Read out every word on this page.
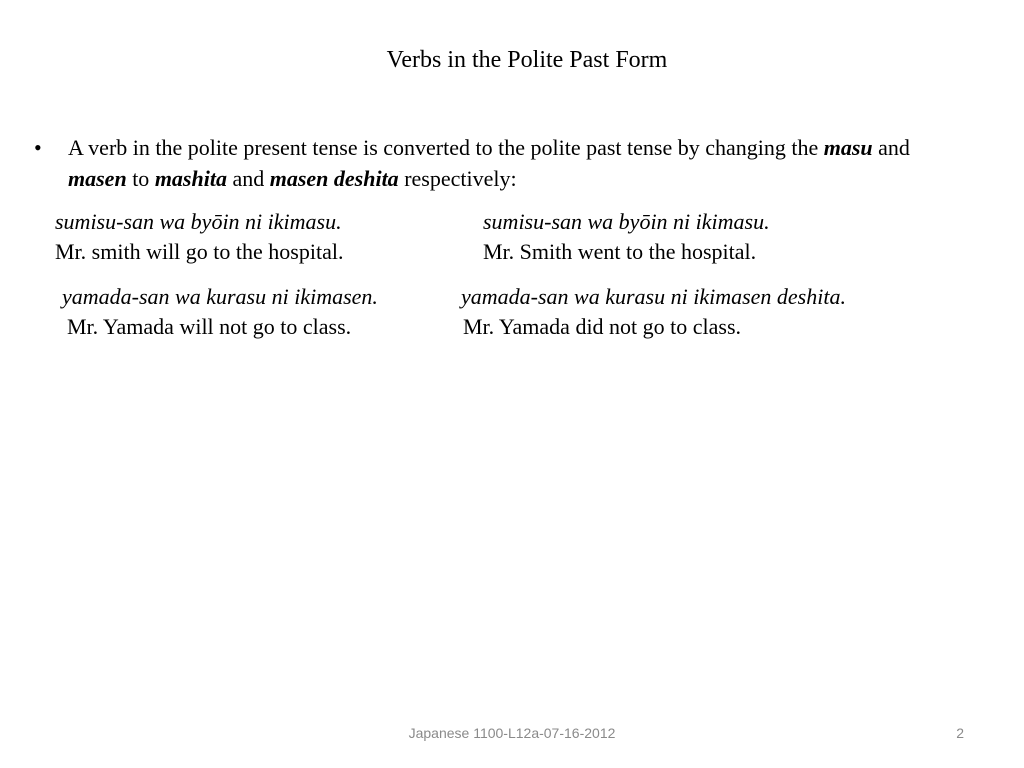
Verbs in the Polite Past Form
• A verb in the polite present tense is converted to the polite past tense by changing the masu and masen to mashita and masen deshita respectively:
sumisu-san wa byōin ni ikimasu.
Mr. smith will go to the hospital.
sumisu-san wa byōin ni ikimasu.
Mr. Smith went to the hospital.
yamada-san wa kurasu ni ikimasen.
Mr. Yamada will not go to class.
yamada-san wa kurasu ni ikimasen deshita.
Mr. Yamada did not go to class.
Japanese 1100-L12a-07-16-2012	2
